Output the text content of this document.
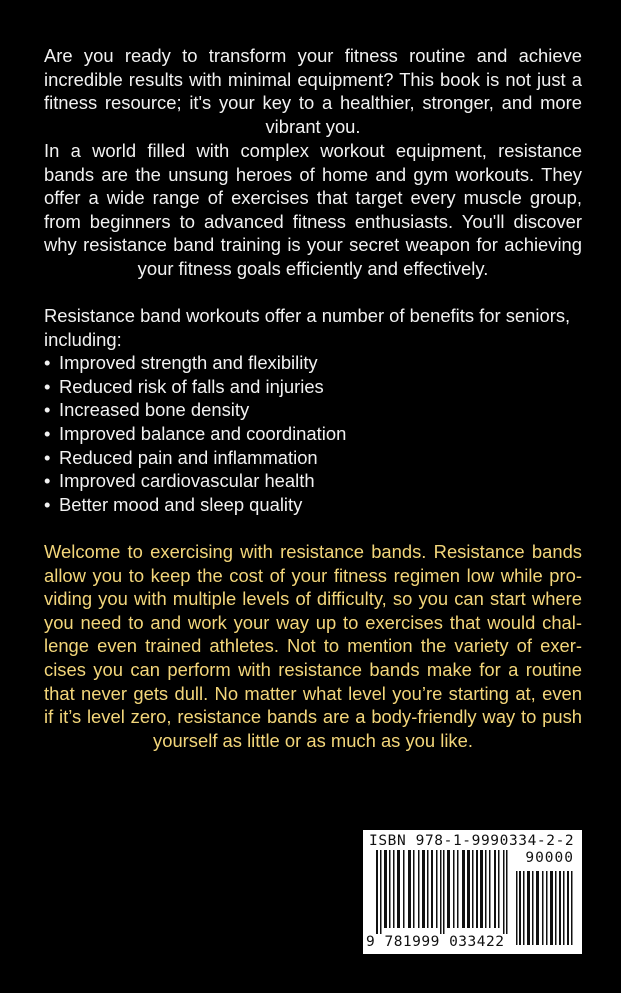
Are you ready to transform your fitness routine and achieve incredible results with minimal equipment? This book is not just a fitness resource; it's your key to a healthier, stronger, and more vibrant you.

In a world filled with complex workout equipment, resistance bands are the unsung heroes of home and gym workouts. They offer a wide range of exercises that target every muscle group, from beginners to advanced fitness enthusiasts. You'll discover why resistance band training is your secret weapon for achieving your fitness goals efficiently and effectively.

Resistance band workouts offer a number of benefits for seniors, including:

• Improved strength and flexibility
• Reduced risk of falls and injuries
• Increased bone density
• Improved balance and coordination
• Reduced pain and inflammation
• Improved cardiovascular health
• Better mood and sleep quality

Welcome to exercising with resistance bands. Resistance bands allow you to keep the cost of your fitness regimen low while providing you with multiple levels of difficulty, so you can start where you need to and work your way up to exercises that would challenge even trained athletes. Not to mention the variety of exercises you can perform with resistance bands make for a routine that never gets dull. No matter what level you’re starting at, even if it’s level zero, resistance bands are a body-friendly way to push yourself as little or as much as you like.

ISBN 978-1-9990334-2-2
90000
9 781999 033422
